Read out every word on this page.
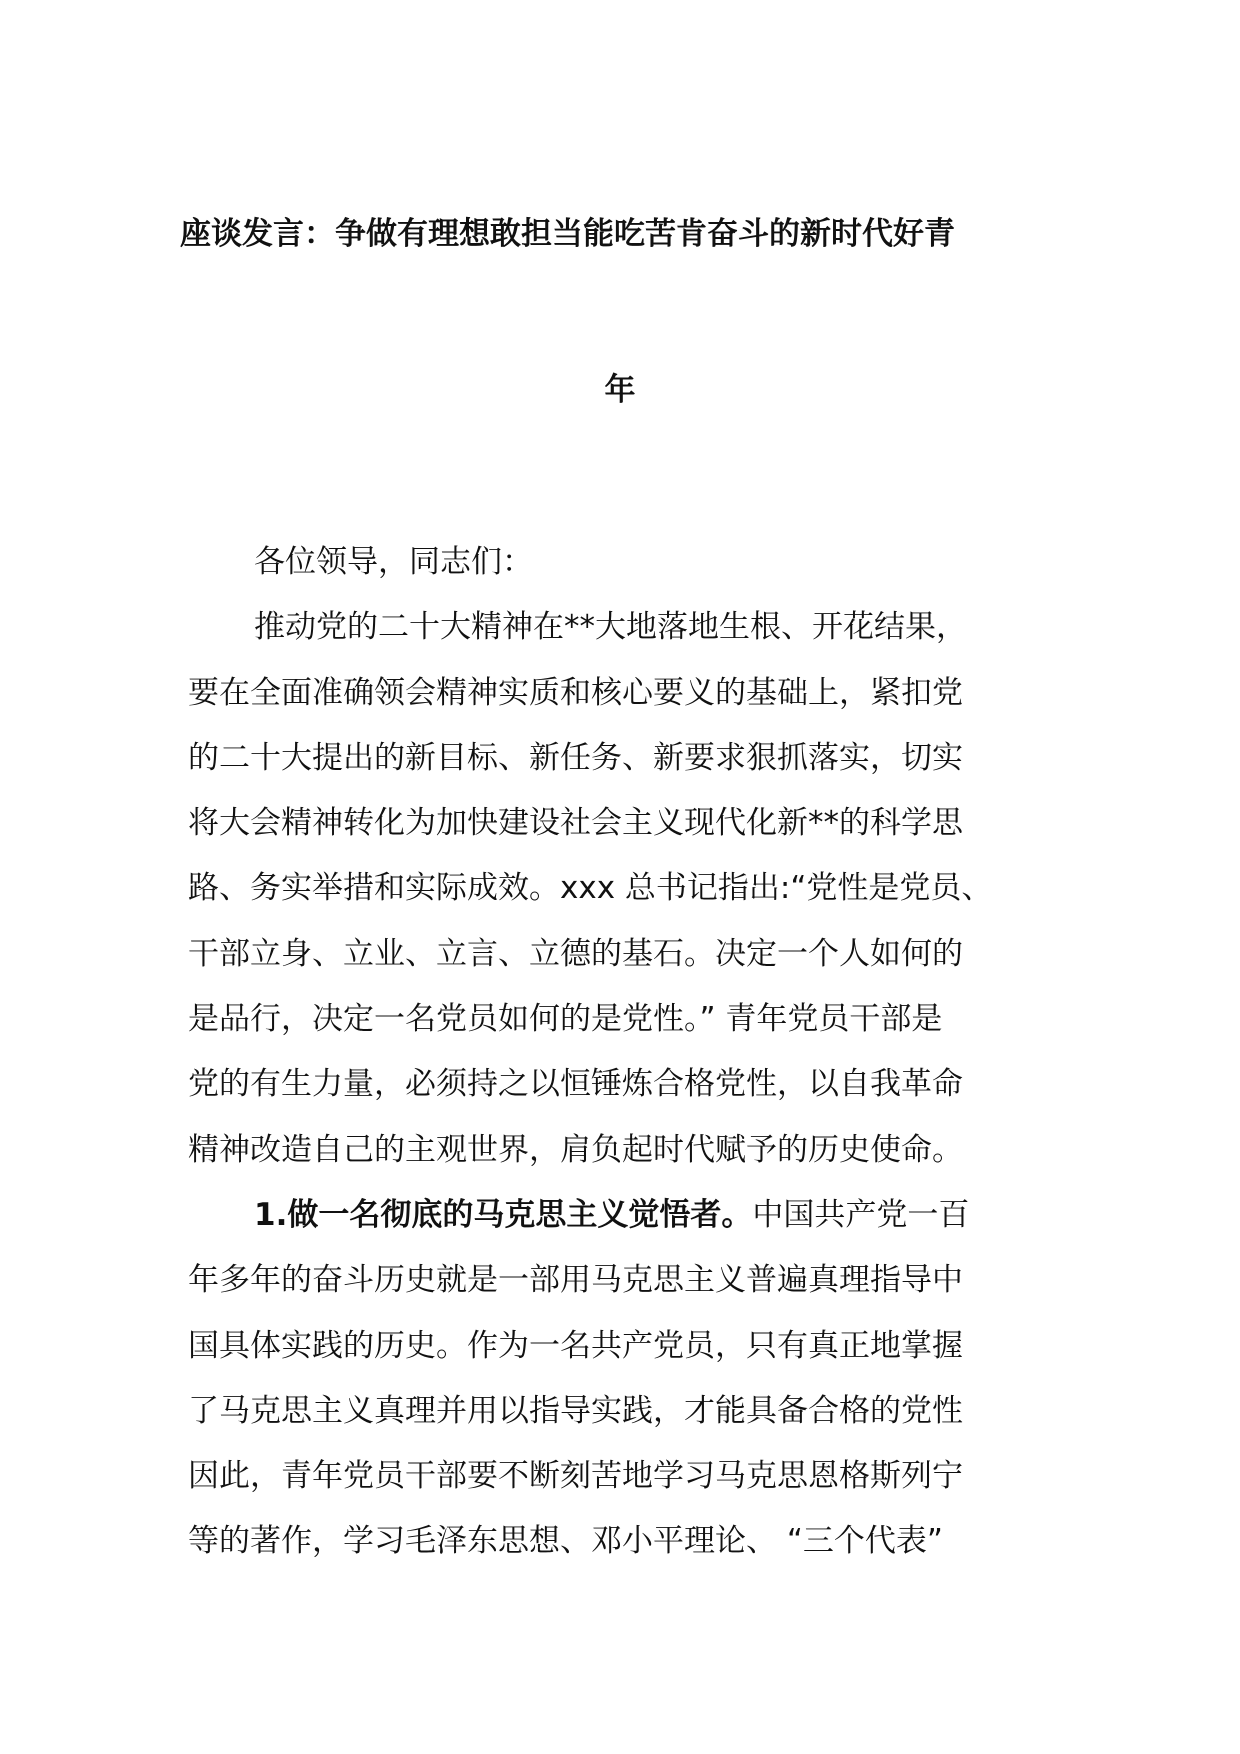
座谈发言：争做有理想敢担当能吃苦肯奋斗的新时代好青
年
各位领导，同志们：
推动党的二十大精神在**大地落地生根、开花结果，
要在全面准确领会精神实质和核心要义的基础上，紧扣党
的二十大提出的新目标、新任务、新要求狠抓落实，切实
将大会精神转化为加快建设社会主义现代化新**的科学思
路、务实举措和实际成效。xxx 总书记指出:“党性是党员、
干部立身、立业、立言、立德的基石。决定一个人如何的
是品行，决定一名党员如何的是党性。” 青年党员干部是
党的有生力量，必须持之以恒锤炼合格党性，以自我革命
精神改造自己的主观世界，肩负起时代赋予的历史使命。
1.做一名彻底的马克思主义觉悟者。中国共产党一百
年多年的奋斗历史就是一部用马克思主义普遍真理指导中
国具体实践的历史。作为一名共产党员，只有真正地掌握
了马克思主义真理并用以指导实践，才能具备合格的党性
因此，青年党员干部要不断刻苦地学习马克思恩格斯列宁
等的著作，学习毛泽东思想、邓小平理论、 “三个代表”
